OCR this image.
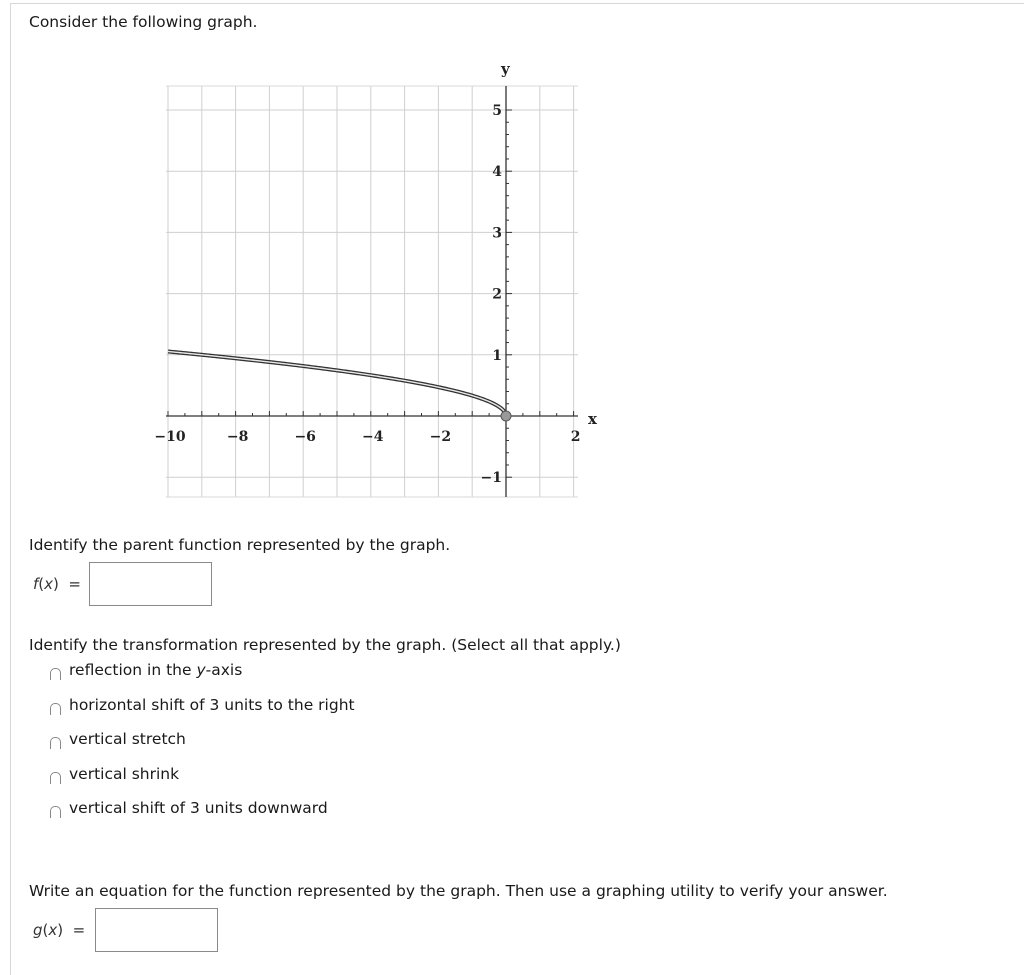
Consider the following graph.
−10	−8	−6	−4	−2	2
5
4
3
2
1
−1
x
y
Identify the parent function represented by the graph.
f(x)  =
Identify the transformation represented by the graph. (Select all that apply.)
reflection in the y-axis
horizontal shift of 3 units to the right
vertical stretch
vertical shrink
vertical shift of 3 units downward
Write an equation for the function represented by the graph. Then use a graphing utility to verify your answer.
g(x)  =
